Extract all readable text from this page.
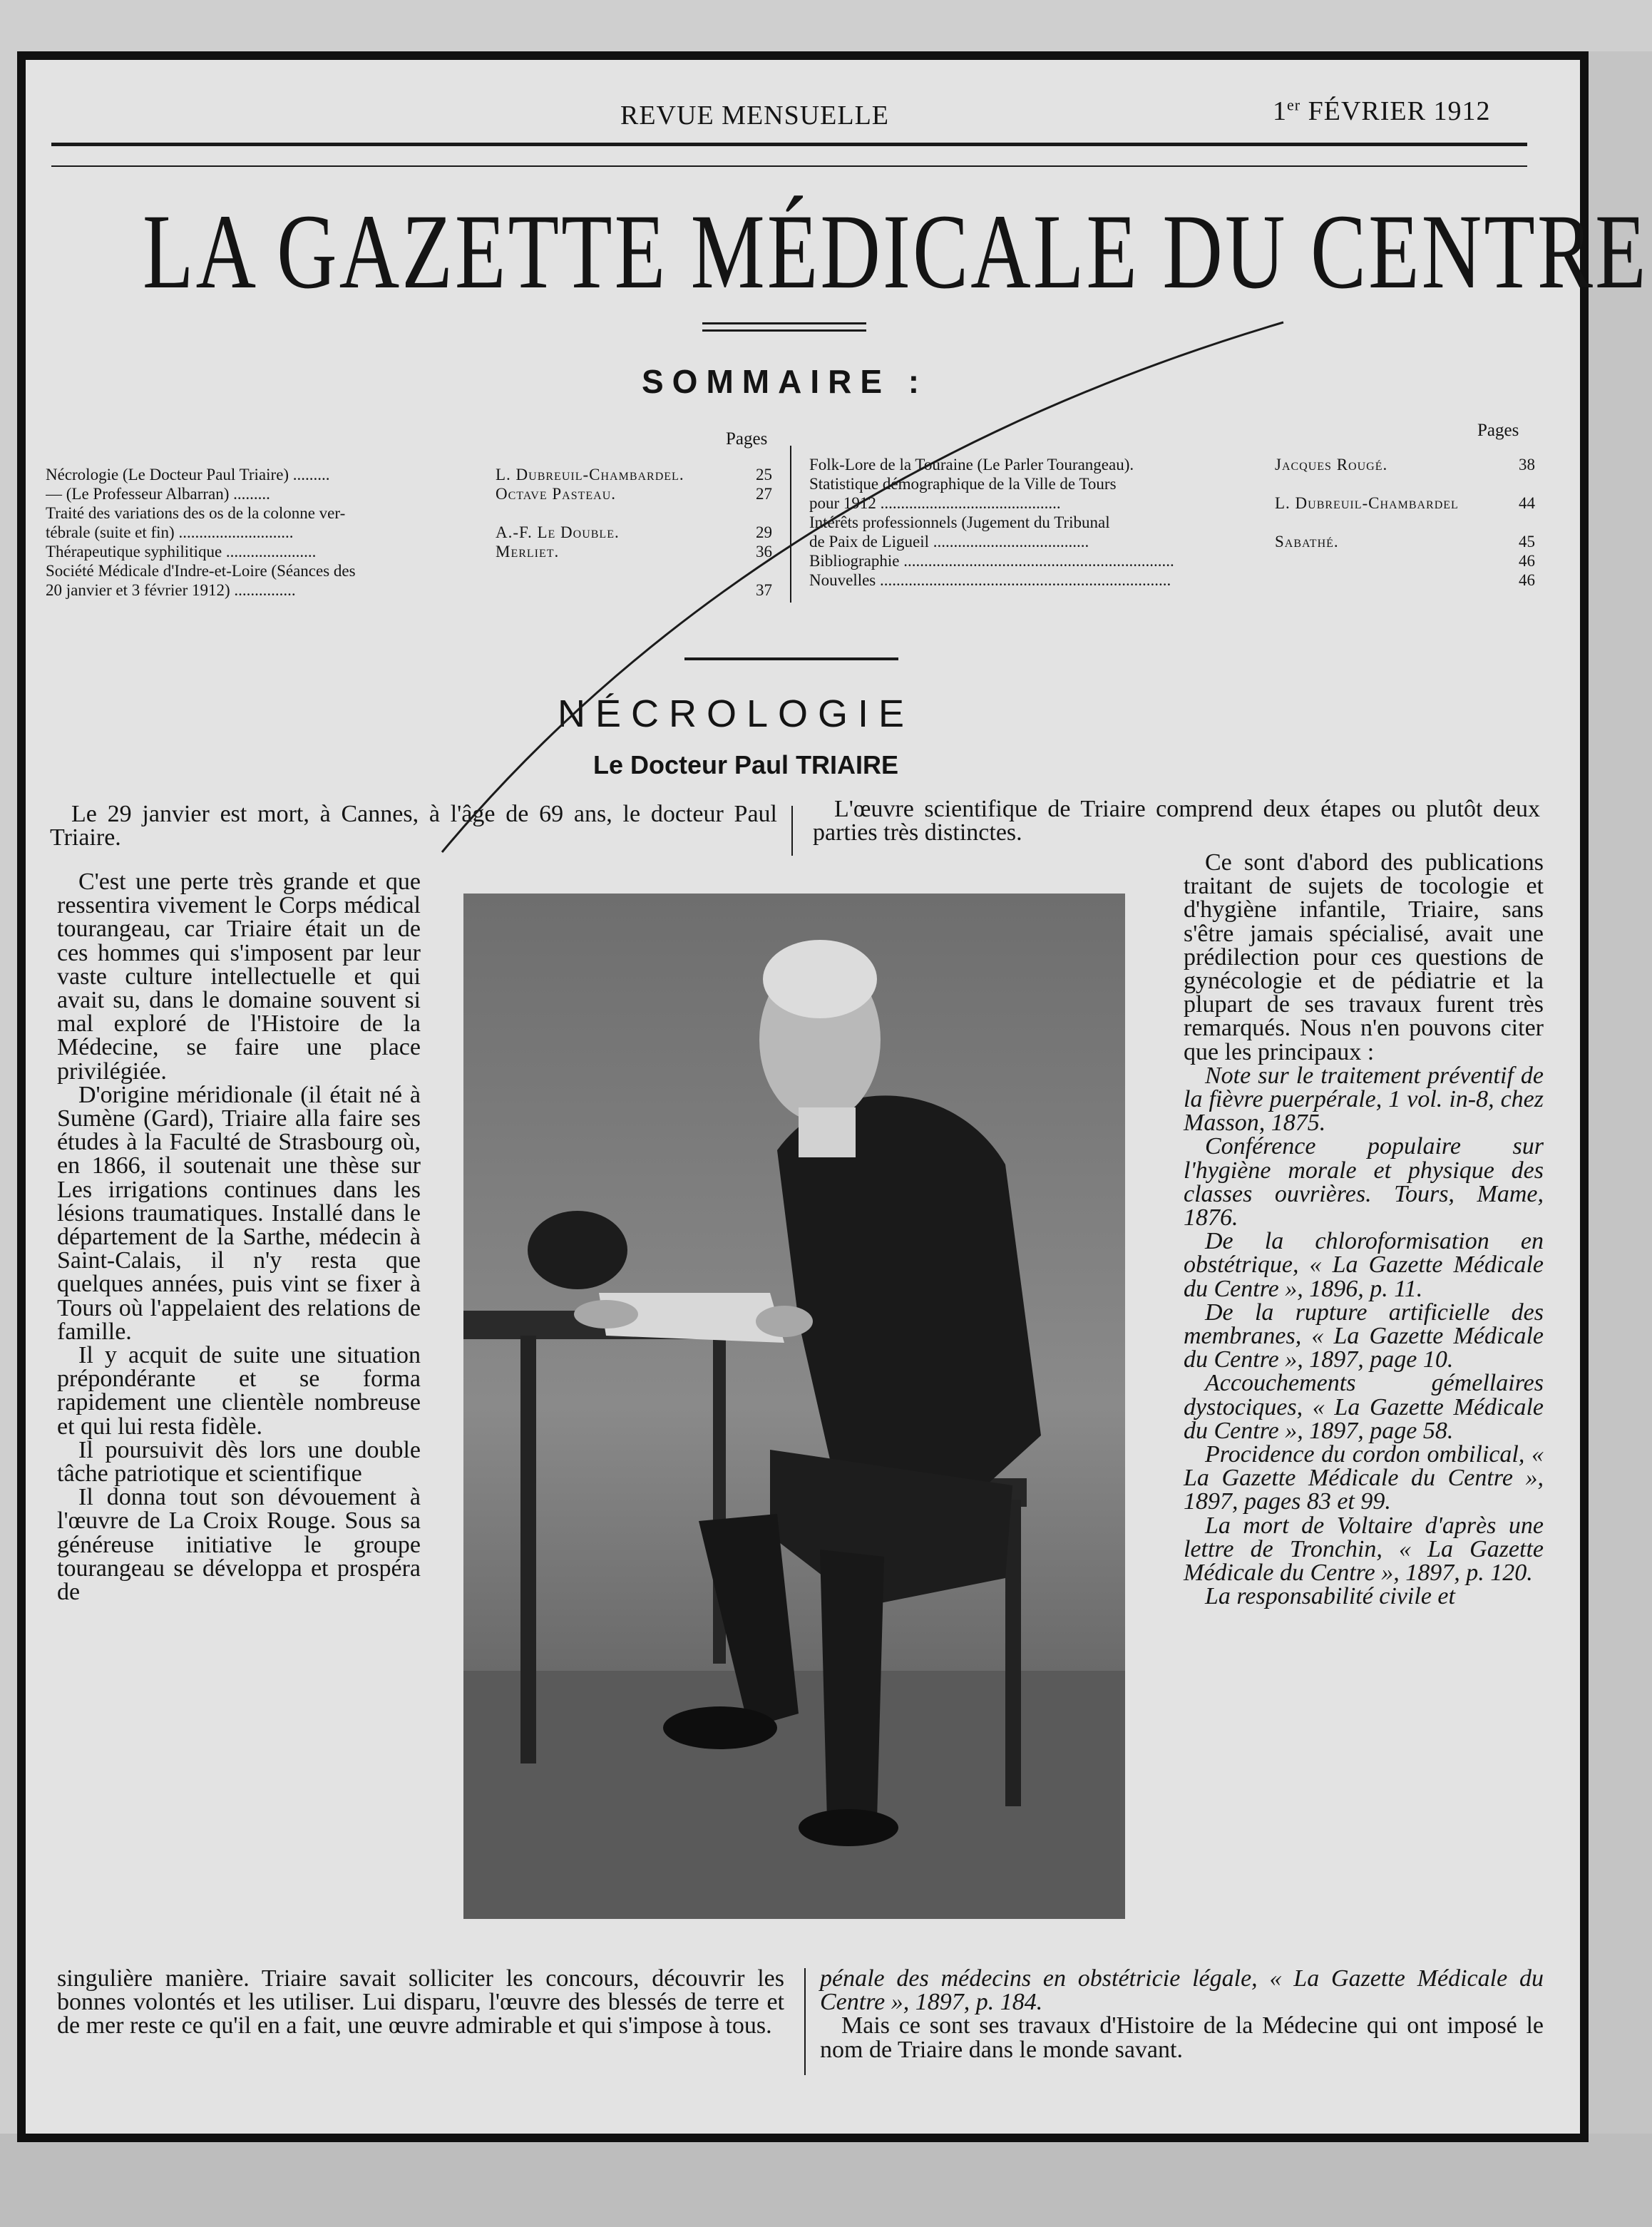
REVUE MENSUELLE	1er FÉVRIER 1912
LA GAZETTE MÉDICALE DU CENTRE
SOMMAIRE :
Pages	Pages
Nécrologie (Le Docteur Paul Triaire) .........	L. Dubreuil-Chambardel.	25
— (Le Professeur Albarran) .........	Octave Pasteau.	27
Traité des variations des os de la colonne ver-
tébrale (suite et fin) ............................	A.-F. Le Double.	29
Thérapeutique syphilitique ......................	Merliet.	36
Société Médicale d'Indre-et-Loire (Séances des
20 janvier et 3 février 1912) ...............	37
Folk-Lore de la Touraine (Le Parler Tourangeau).	Jacques Rougé.	38
Statistique démographique de la Ville de Tours
pour 1912 ............................................	L. Dubreuil-Chambardel	44
Intérêts professionnels (Jugement du Tribunal
de Paix de Ligueil ......................................	Sabathé.	45
Bibliographie ..................................................................	46
Nouvelles .......................................................................	46
NÉCROLOGIE
Le Docteur Paul TRIAIRE

Le 29 janvier est mort, à Cannes, à l'âge de 69 ans, le docteur Paul Triaire.

L'œuvre scientifique de Triaire comprend deux étapes ou plutôt deux parties très distinctes.

C'est une perte très grande et que ressentira vivement le Corps médical tourangeau, car Triaire était un de ces hommes qui s'imposent par leur vaste culture intellectuelle et qui avait su, dans le domaine souvent si mal exploré de l'Histoire de la Médecine, se faire une place privilégiée.

D'origine méridionale (il était né à Sumène (Gard), Triaire alla faire ses études à la Faculté de Strasbourg où, en 1866, il soutenait une thèse sur Les irrigations continues dans les lésions traumatiques. Installé dans le département de la Sarthe, médecin à Saint-Calais, il n'y resta que quelques années, puis vint se fixer à Tours où l'appelaient des relations de famille.

Il y acquit de suite une situation prépondérante et se forma rapidement une clientèle nombreuse et qui lui resta fidèle.

Il poursuivit dès lors une double tâche patriotique et scientifique

Il donna tout son dévouement à l'œuvre de La Croix Rouge. Sous sa généreuse initiative le groupe tourangeau se développa et prospéra de

Ce sont d'abord des publications traitant de sujets de tocologie et d'hygiène infantile, Triaire, sans s'être jamais spécialisé, avait une prédilection pour ces questions de gynécologie et de pédiatrie et la plupart de ses travaux furent très remarqués. Nous n'en pouvons citer que les principaux :

Note sur le traitement préventif de la fièvre puerpérale, 1 vol. in-8, chez Masson, 1875.

Conférence populaire sur l'hygiène morale et physique des classes ouvrières. Tours, Mame, 1876.

De la chloroformisation en obstétrique, « La Gazette Médicale du Centre », 1896, p. 11.

De la rupture artificielle des membranes, « La Gazette Médicale du Centre », 1897, page 10.

Accouchements gémellaires dystociques, « La Gazette Médicale du Centre », 1897, page 58.

Procidence du cordon ombilical, « La Gazette Médicale du Centre », 1897, pages 83 et 99.

La mort de Voltaire d'après une lettre de Tronchin, « La Gazette Médicale du Centre », 1897, p. 120.

La responsabilité civile et

singulière manière. Triaire savait solliciter les concours, découvrir les bonnes volontés et les utiliser. Lui disparu, l'œuvre des blessés de terre et de mer reste ce qu'il en a fait, une œuvre admirable et qui s'impose à tous.

pénale des médecins en obstétricie légale, « La Gazette Médicale du Centre », 1897, p. 184.

Mais ce sont ses travaux d'Histoire de la Médecine qui ont imposé le nom de Triaire dans le monde savant.
